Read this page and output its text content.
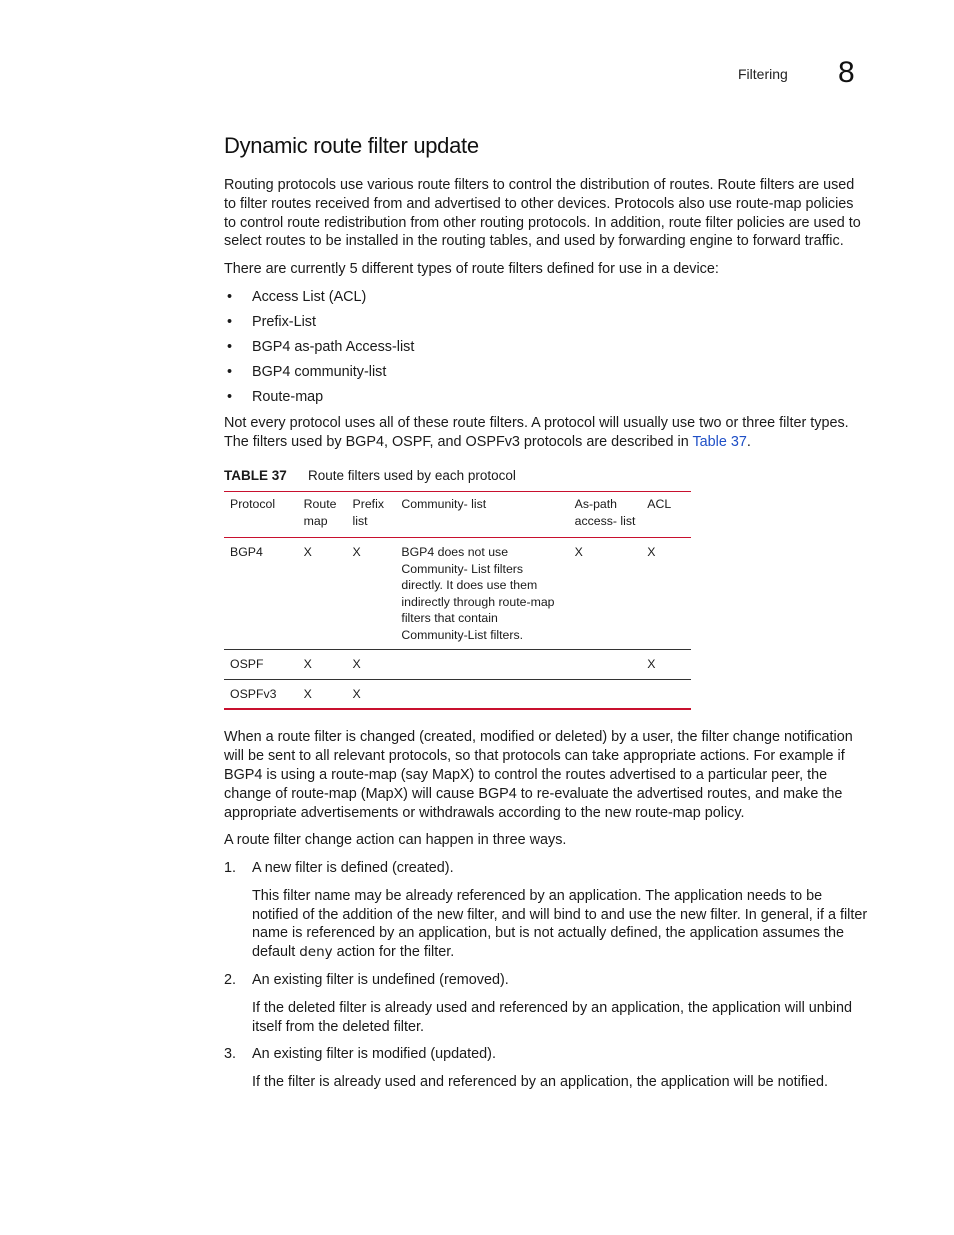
Filtering 8
Dynamic route filter update

Routing protocols use various route filters to control the distribution of routes. Route filters are used to filter routes received from and advertised to other devices. Protocols also use route-map policies to control route redistribution from other routing protocols. In addition, route filter policies are used to select routes to be installed in the routing tables, and used by forwarding engine to forward traffic.

There are currently 5 different types of route filters defined for use in a device:

• Access List (ACL)
• Prefix-List
• BGP4 as-path Access-list
• BGP4 community-list
• Route-map

Not every protocol uses all of these route filters. A protocol will usually use two or three filter types. The filters used by BGP4, OSPF, and OSPFv3 protocols are described in Table 37.

TABLE 37 Route filters used by each protocol
Protocol	Route map	Prefix list	Community- list	As-path access- list	ACL
BGP4	X	X	BGP4 does not use Community- List filters directly. It does use them indirectly through route-map filters that contain Community-List filters.	X	X
OSPF	X	X			X
OSPFv3	X	X			

When a route filter is changed (created, modified or deleted) by a user, the filter change notification will be sent to all relevant protocols, so that protocols can take appropriate actions. For example if BGP4 is using a route-map (say MapX) to control the routes advertised to a particular peer, the change of route-map (MapX) will cause BGP4 to re-evaluate the advertised routes, and make the appropriate advertisements or withdrawals according to the new route-map policy.

A route filter change action can happen in three ways.

1. A new filter is defined (created).
This filter name may be already referenced by an application. The application needs to be notified of the addition of the new filter, and will bind to and use the new filter. In general, if a filter name is referenced by an application, but is not actually defined, the application assumes the default deny action for the filter.
2. An existing filter is undefined (removed).
If the deleted filter is already used and referenced by an application, the application will unbind itself from the deleted filter.
3. An existing filter is modified (updated).
If the filter is already used and referenced by an application, the application will be notified.
